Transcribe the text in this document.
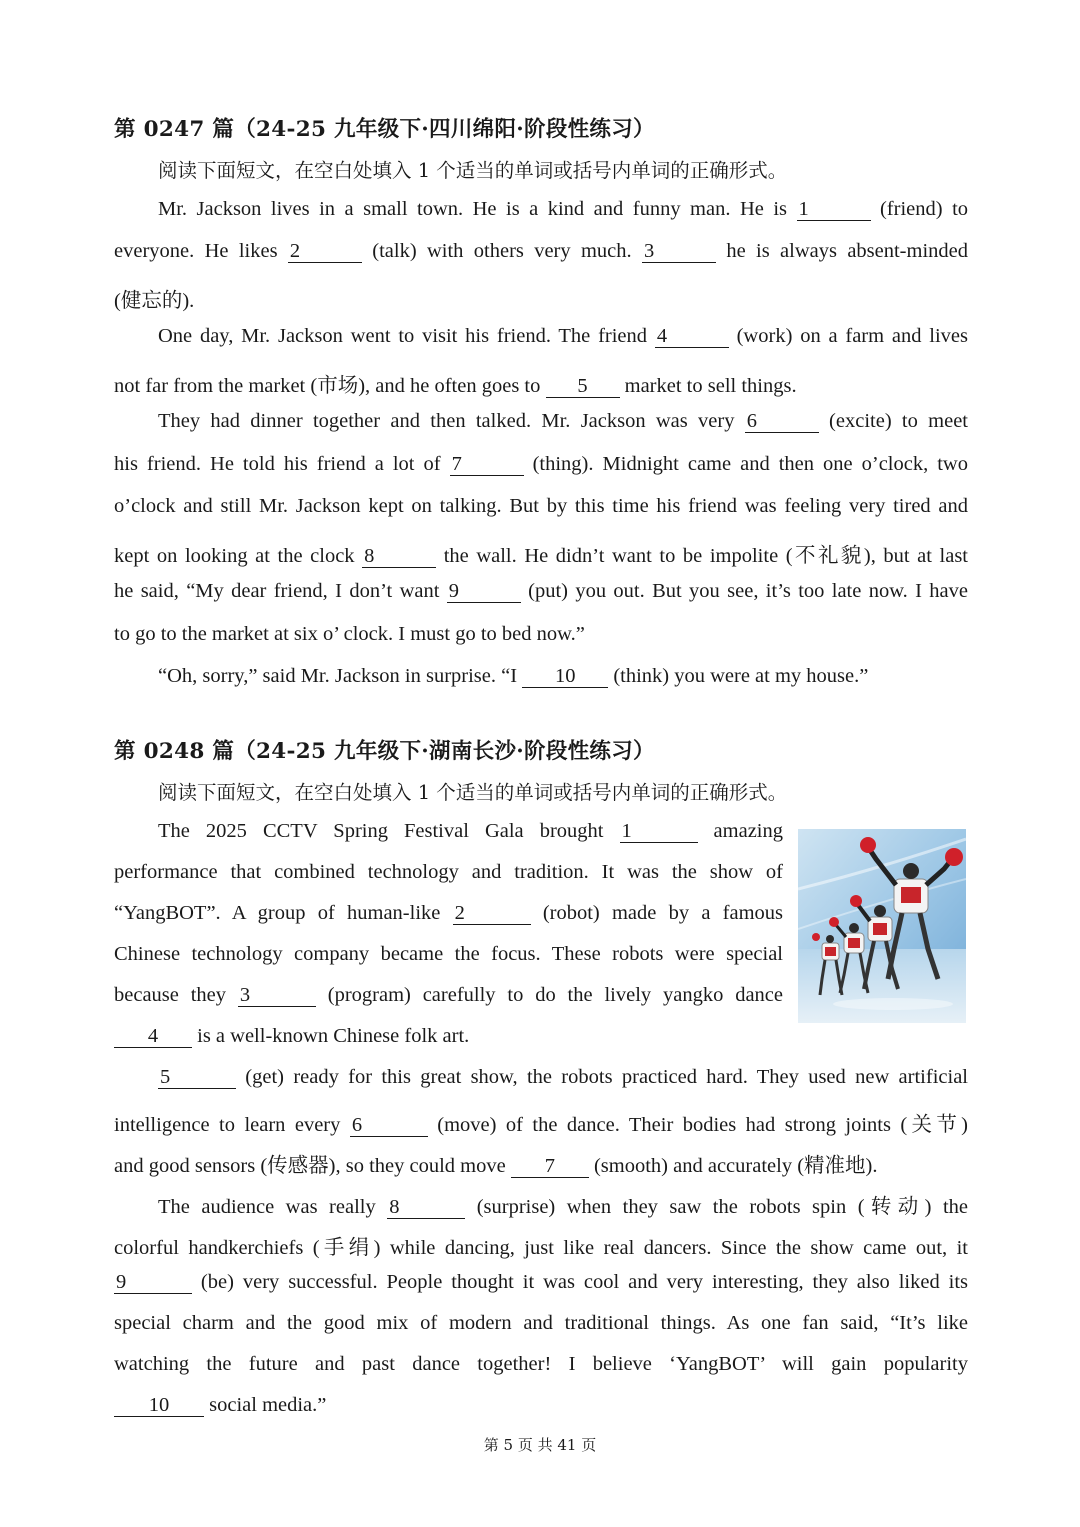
第 0247 篇（24-25 九年级下·四川绵阳·阶段性练习）
阅读下面短文，在空白处填入 1 个适当的单词或括号内单词的正确形式。
Mr. Jackson lives in a small town. He is a kind and funny man. He is 1	(friend) to
everyone. He likes 2	(talk) with others very much. 3	he is always absent-minded
(健忘的).
One day, Mr. Jackson went to visit his friend. The friend 4	(work) on a farm and lives
not far from the market (市场), and he often goes to 5 market to sell things.
They had dinner together and then talked. Mr. Jackson was very 6	(excite) to meet
his friend. He told his friend a lot of 7	(thing). Midnight came and then one o’clock, two
o’clock and still Mr. Jackson kept on talking. But by this time his friend was feeling very tired and
kept on looking at the clock 8	the wall. He didn’t want to be impolite (不礼貌), but at last
he said, “My dear friend, I don’t want 9	(put) you out. But you see, it’s too late now. I have
to go to the market at six o’ clock. I must go to bed now.”
“Oh, sorry,” said Mr. Jackson in surprise. “I 10 (think) you were at my house.”
第 0248 篇（24-25 九年级下·湖南长沙·阶段性练习）
阅读下面短文，在空白处填入 1 个适当的单词或括号内单词的正确形式。
The 2025 CCTV Spring Festival Gala brought 1	amazing
performance that combined technology and tradition. It was the show of
“YangBOT”. A group of human-like 2	(robot) made by a famous
Chinese technology company became the focus. These robots were special
because they 3	(program) carefully to do the lively yangko dance
4 is a well-known Chinese folk art.
5	(get) ready for this great show, the robots practiced hard. They used new artificial
intelligence to learn every 6	(move) of the dance. Their bodies had strong joints (关节)
and good sensors (传感器), so they could move 7 (smooth) and accurately (精准地).
The audience was really 8	(surprise) when they saw the robots spin (转动) the
colorful handkerchiefs (手绢) while dancing, just like real dancers. Since the show came out, it
9	(be) very successful. People thought it was cool and very interesting, they also liked its
special charm and the good mix of modern and traditional things. As one fan said, “It’s like
watching the future and past dance together! I believe ‘YangBOT’ will gain popularity
10 social media.”
第 5 页 共 41 页
